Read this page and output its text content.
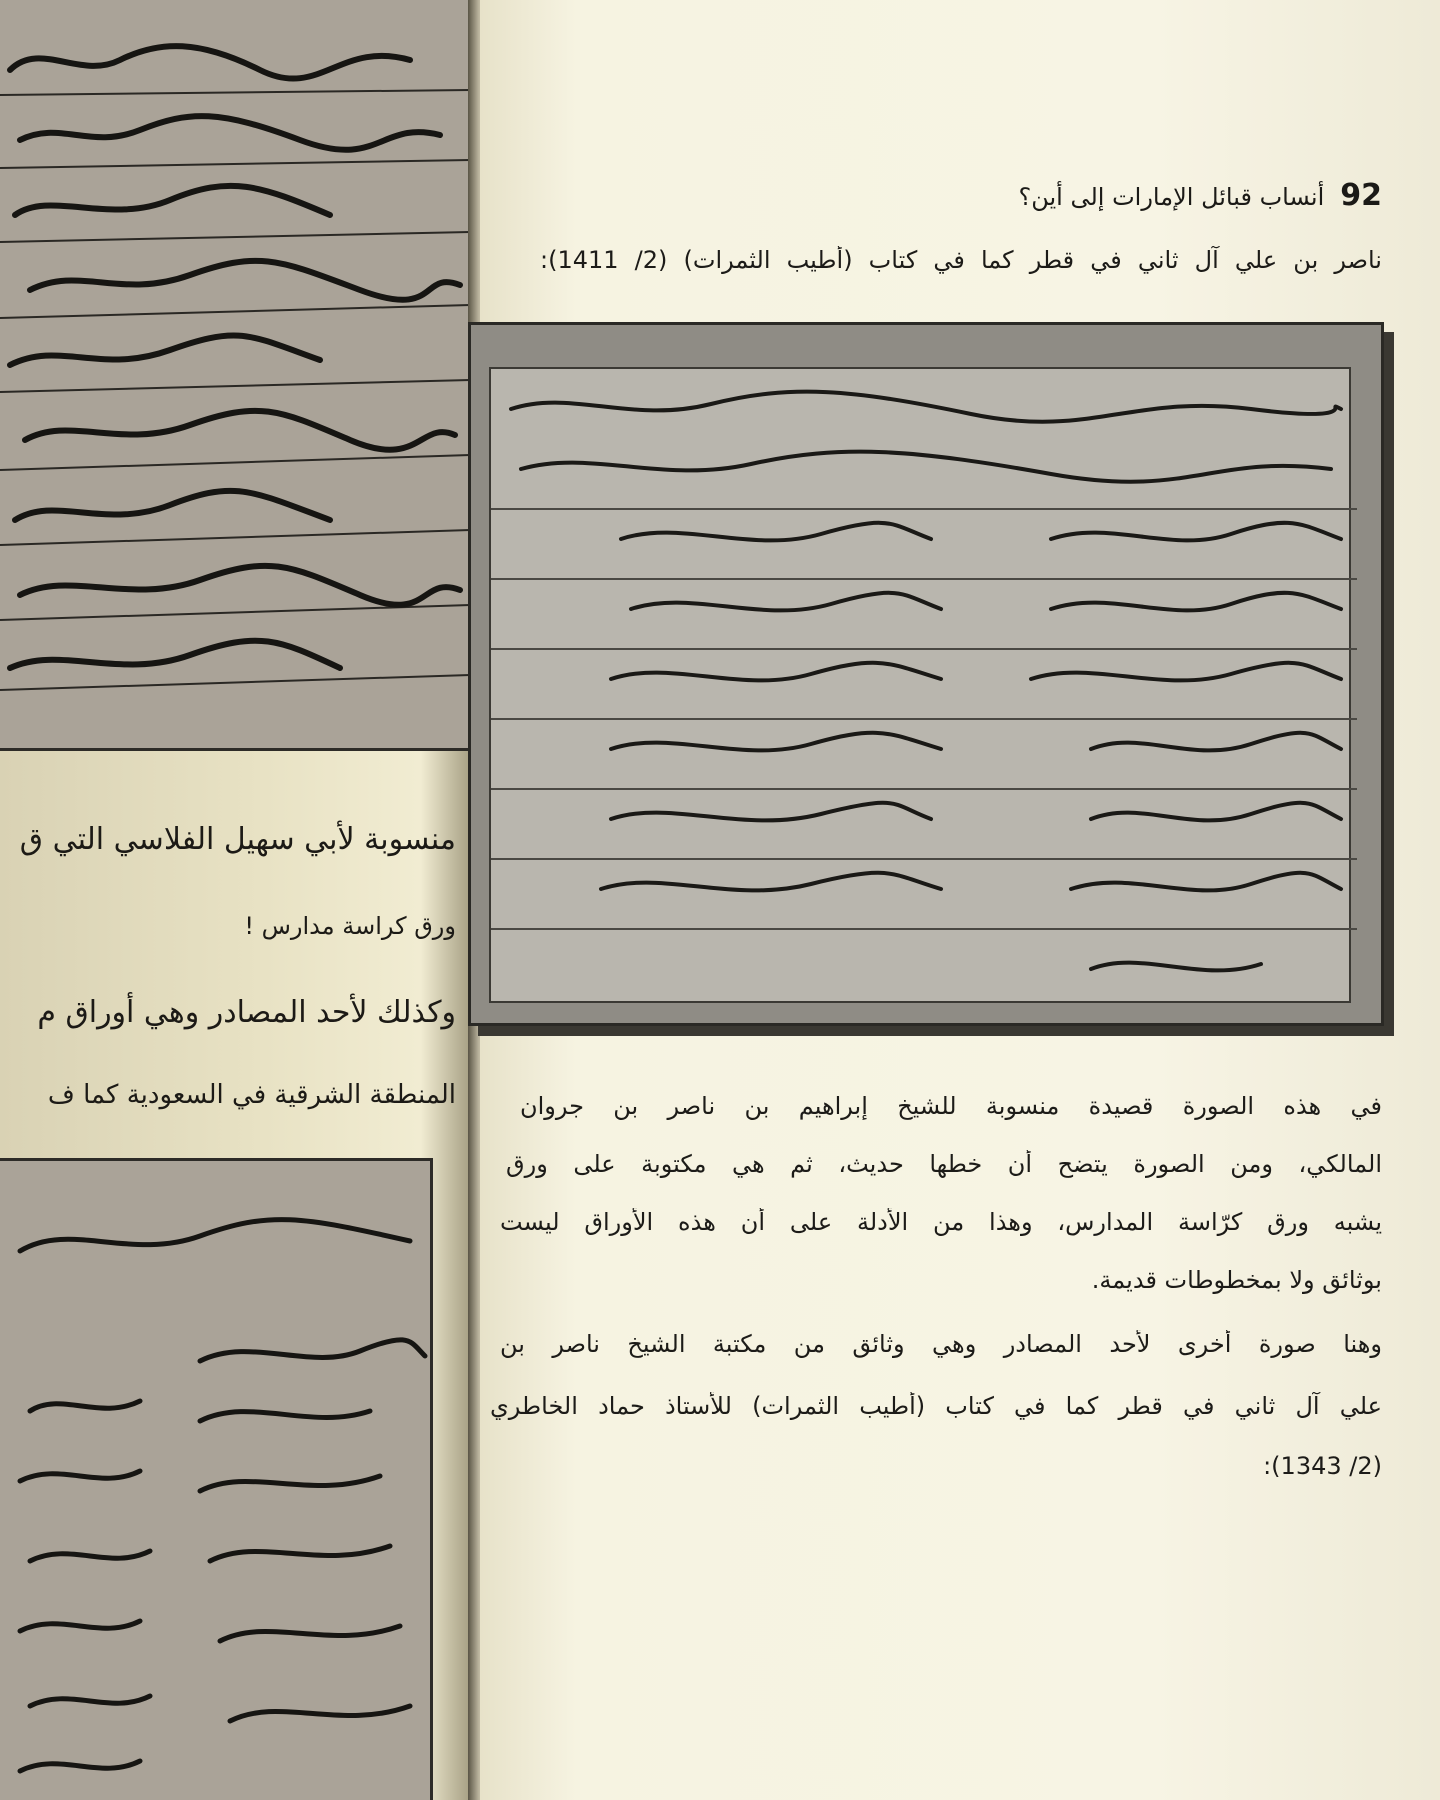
منسوبة لأبي سهيل الفلاسي التي ق
ورق كراسة مدارس !
وكذلك لأحد المصادر وهي أوراق م
المنطقة الشرقية في السعودية كما ف
92
أنساب قبائل الإمارات إلى أين؟
ناصر بن علي آل ثاني في قطر كما في كتاب (أطيب الثمرات) (2/ 1411):
في هذه الصورة قصيدة منسوبة للشيخ إبراهيم بن ناصر بن جروان
المالكي، ومن الصورة يتضح أن خطها حديث، ثم هي مكتوبة على ورق
يشبه ورق كرّاسة المدارس، وهذا من الأدلة على أن هذه الأوراق ليست
بوثائق ولا بمخطوطات قديمة.
وهنا صورة أخرى لأحد المصادر وهي وثائق من مكتبة الشيخ ناصر بن
علي آل ثاني في قطر كما في كتاب (أطيب الثمرات) للأستاذ حماد الخاطري
(2/ 1343):
